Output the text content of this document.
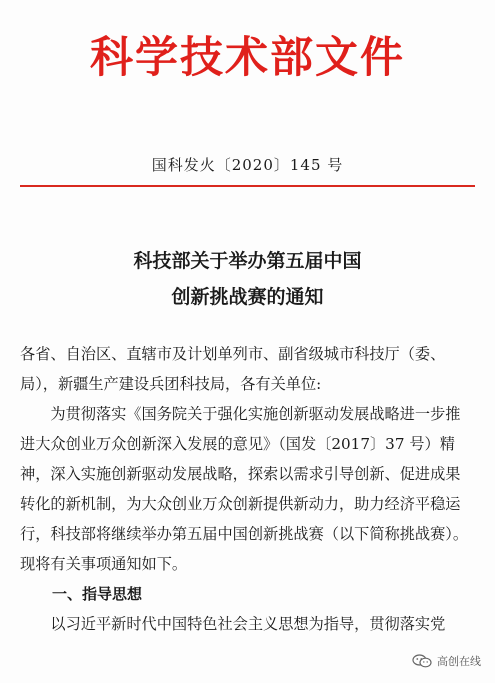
科学技术部文件
国科发火〔2020〕145 号
科技部关于举办第五届中国
创新挑战赛的通知

各省、自治区、直辖市及计划单列市、副省级城市科技厅（委、局），新疆生产建设兵团科技局，各有关单位:

为贯彻落实《国务院关于强化实施创新驱动发展战略进一步推进大众创业万众创新深入发展的意见》（国发〔2017〕37 号）精神，深入实施创新驱动发展战略，探索以需求引导创新、促进成果转化的新机制，为大众创业万众创新提供新动力，助力经济平稳运行，科技部将继续举办第五届中国创新挑战赛（以下简称挑战赛）。现将有关事项通知如下。

一、指导思想

以习近平新时代中国特色社会主义思想为指导，贯彻落实党

高创在线
